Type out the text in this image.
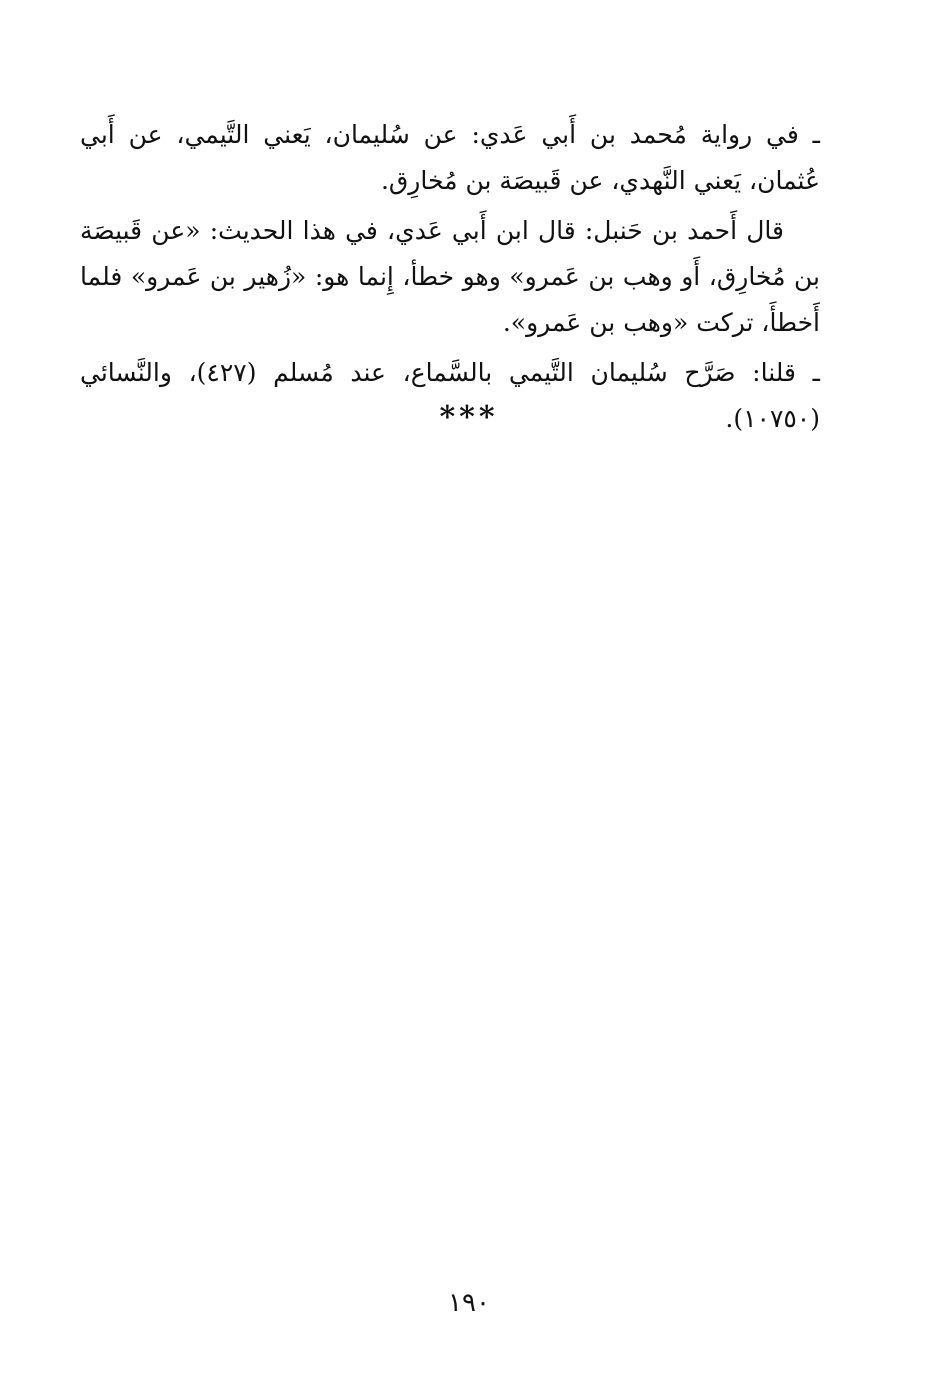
ـ في رواية مُحمد بن أَبي عَدي: عن سُليمان، يَعني التَّيمي، عن أَبي عُثمان، يَعني النَّهدي، عن قَبيصَة بن مُخارِق.

قال أَحمد بن حَنبل: قال ابن أَبي عَدي، في هذا الحديث: «عن قَبيصَة بن مُخارِق، أَو وهب بن عَمرو» وهو خطأ، إِنما هو: «زُهير بن عَمرو» فلما أَخطأَ، تركت «وهب بن عَمرو».

ـ قلنا: صَرَّح سُليمان التَّيمي بالسَّماع، عند مُسلم (٤٢٧)، والنَّسائي (١٠٧٥٠).

***
١٩٠
